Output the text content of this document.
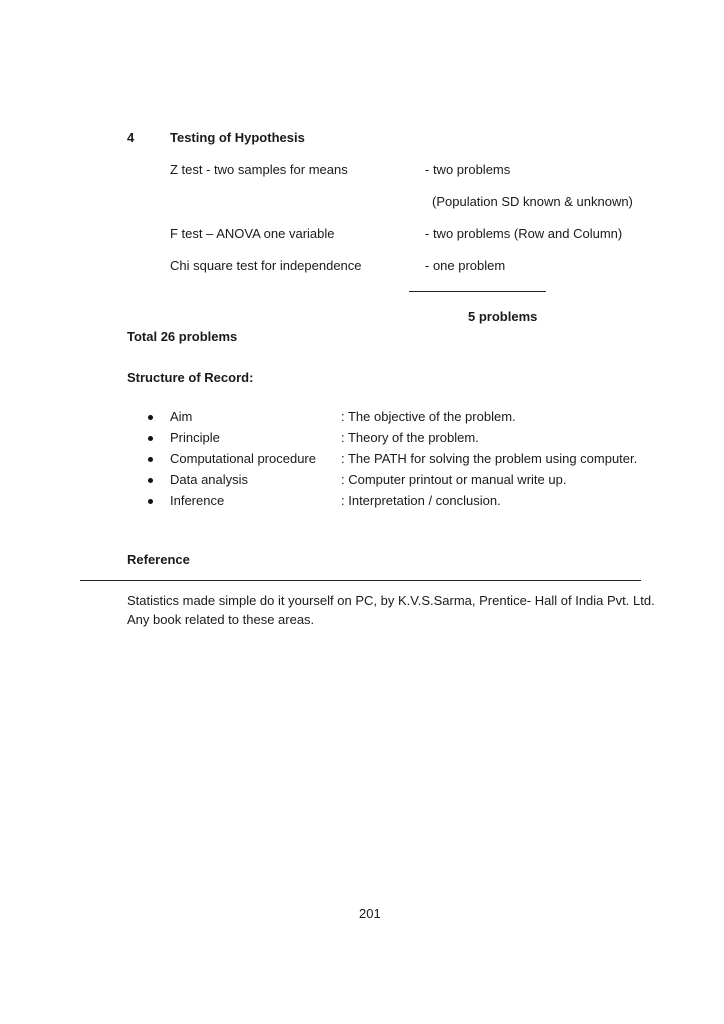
4	Testing of Hypothesis
Z test - two samples for means	- two problems
(Population SD known & unknown)
F test – ANOVA one variable	- two problems (Row and Column)
Chi square test for independence	- one problem
5 problems
Total 26 problems
Structure of Record:
Aim	: The objective of the problem.
Principle	: Theory of the problem.
Computational procedure : The PATH for solving the problem using computer.
Data analysis	: Computer printout or manual write up.
Inference	: Interpretation / conclusion.
Reference
Statistics made simple do it yourself on PC, by K.V.S.Sarma, Prentice- Hall of India Pvt. Ltd.
Any book related to these areas.
201
